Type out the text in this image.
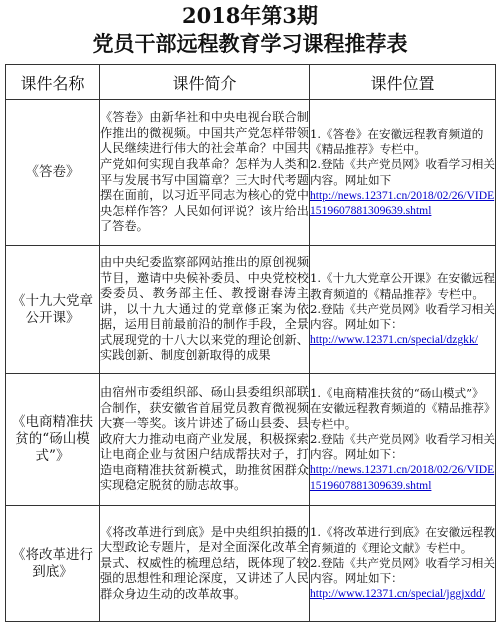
2018年第3期
党员干部远程教育学习课程推荐表
课件名称	课件简介	课件位置
《答卷》	《答卷》由新华社和中央电视台联合制作推出的微视频。中国共产党怎样带领人民继续进行伟大的社会革命？中国共产党如何实现自我革命？怎样为人类和平与发展书写中国篇章？三大时代考题摆在面前，以习近平同志为核心的党中央怎样作答？人民如何评说？该片给出了答卷。	1.《答卷》在安徽远程教育频道的《精品推荐》专栏中。
2.登陆《共产党员网》收看学习相关内容。网址如下
http://news.12371.cn/2018/02/26/VIDE1519607881309639.shtml
《十九大党章公开课》	由中央纪委监察部网站推出的原创视频节目，邀请中央候补委员、中央党校校委委员、教务部主任、教授谢春涛主讲，以十九大通过的党章修正案为依据，运用目前最前沿的制作手段，全景式展现党的十八大以来党的理论创新、实践创新、制度创新取得的成果	1.《十九大党章公开课》在安徽远程教育频道的《精品推荐》专栏中。
2.登陆《共产党员网》收看学习相关内容。网址如下：
http://www.12371.cn/special/dzgkk/
《电商精准扶贫的“砀山模式”》	由宿州市委组织部、砀山县委组织部联合制作，获安徽省首届党员教育微视频大赛一等奖。该片讲述了砀山县委、县政府大力推动电商产业发展，积极探索让电商企业与贫困户结成帮扶对子，打造电商精准扶贫新模式，助推贫困群众实现稳定脱贫的励志故事。	1.《电商精准扶贫的“砀山模式”》在安徽远程教育频道的《精品推荐》专栏中。
2.登陆《共产党员网》收看学习相关内容。网址如下：
http://news.12371.cn/2018/02/26/VIDE1519607881309639.shtml
《将改革进行到底》	《将改革进行到底》是中央组织拍摄的大型政论专题片，是对全面深化改革全景式、权威性的梳理总结，既体现了较强的思想性和理论深度，又讲述了人民群众身边生动的改革故事。	1.《将改革进行到底》在安徽远程教育频道的《理论文献》专栏中。
2.登陆《共产党员网》收看学习相关内容。网址如下：
http://www.12371.cn/special/jggjxdd/
